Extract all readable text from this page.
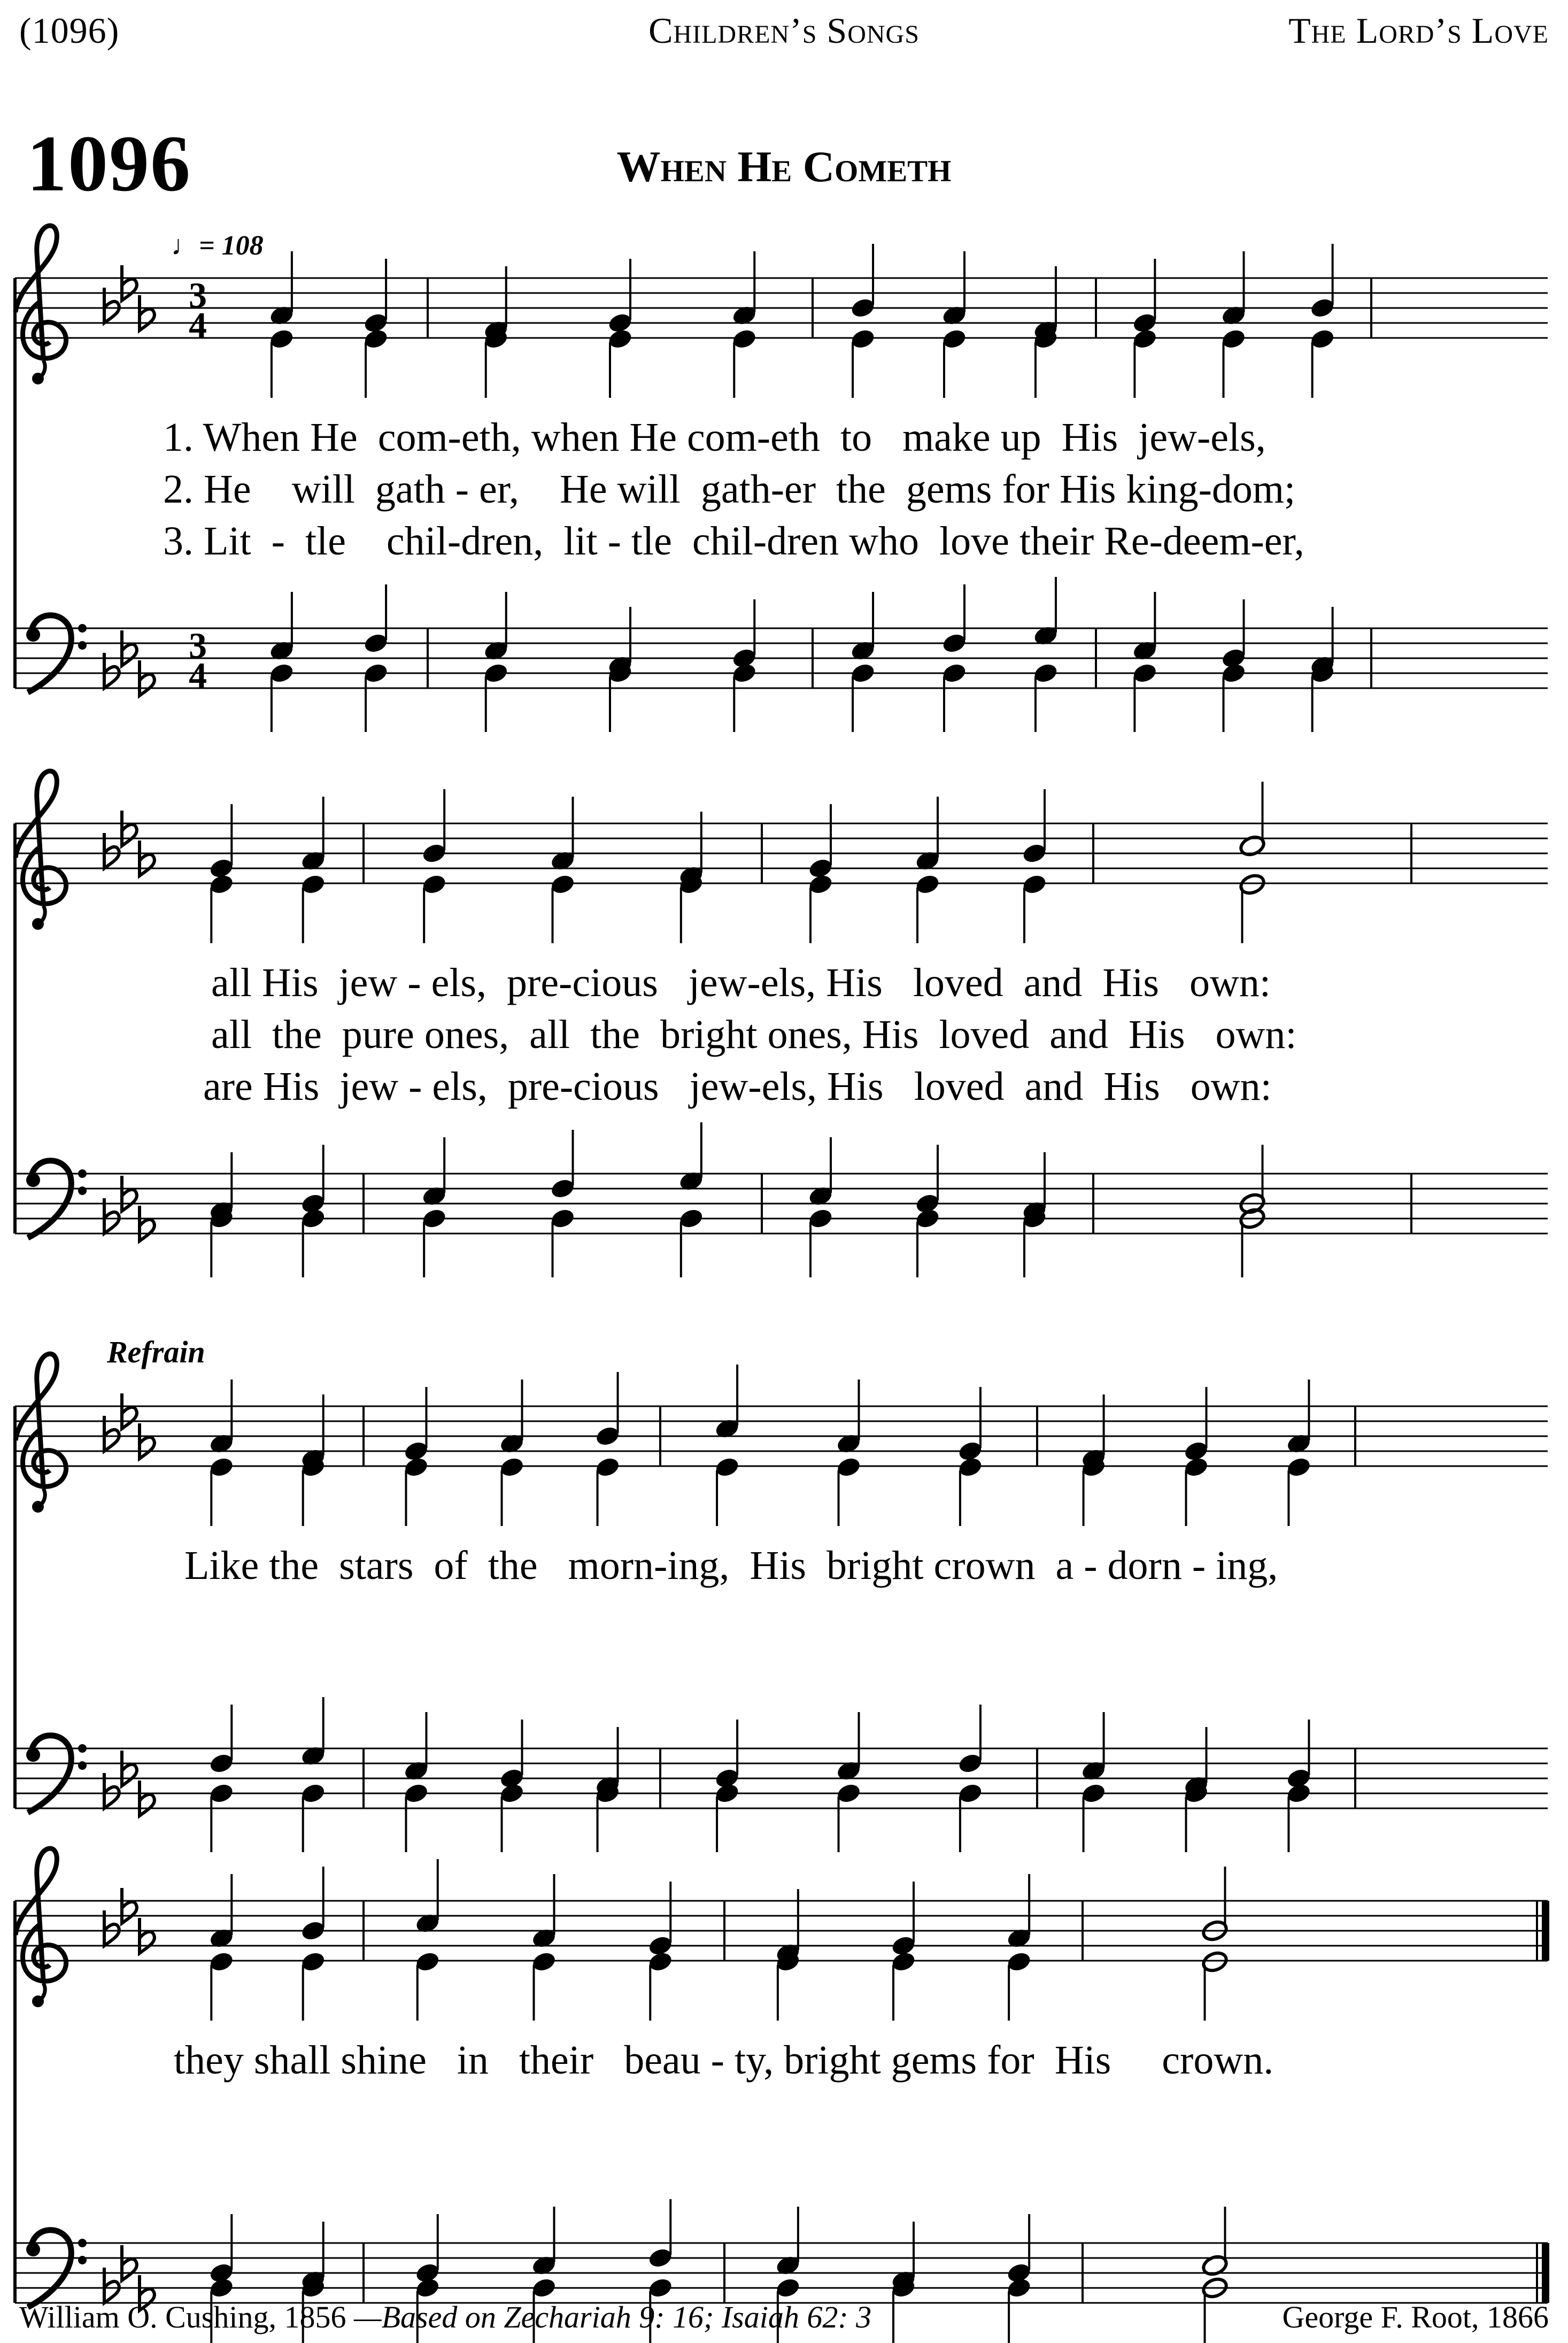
(1096)	Children’s Songs	The Lord’s Love
1096	When He Cometh
♩= 108
Refrain
3
4
3
4
1. When He  com-eth, when He com-eth  to   make up  His  jew-els,
2. He    will  gath - er,    He will  gath-er  the  gems for His king-dom;
3. Lit  -  tle    chil-dren,  lit - tle  chil-dren who  love their Re-deem-er,
all His  jew - els,  pre-cious   jew-els, His   loved  and  His   own:
all  the  pure ones,  all  the  bright ones, His  loved  and  His   own:
are His  jew - els,  pre-cious   jew-els, His   loved  and  His   own:
Like the  stars  of  the   morn-ing,  His  bright crown  a - dorn - ing,
they shall shine   in   their   beau - ty, bright gems for  His     crown.
William O. Cushing, 1856 —Based on Zechariah 9: 16; Isaiah 62: 3	George F. Root, 1866
